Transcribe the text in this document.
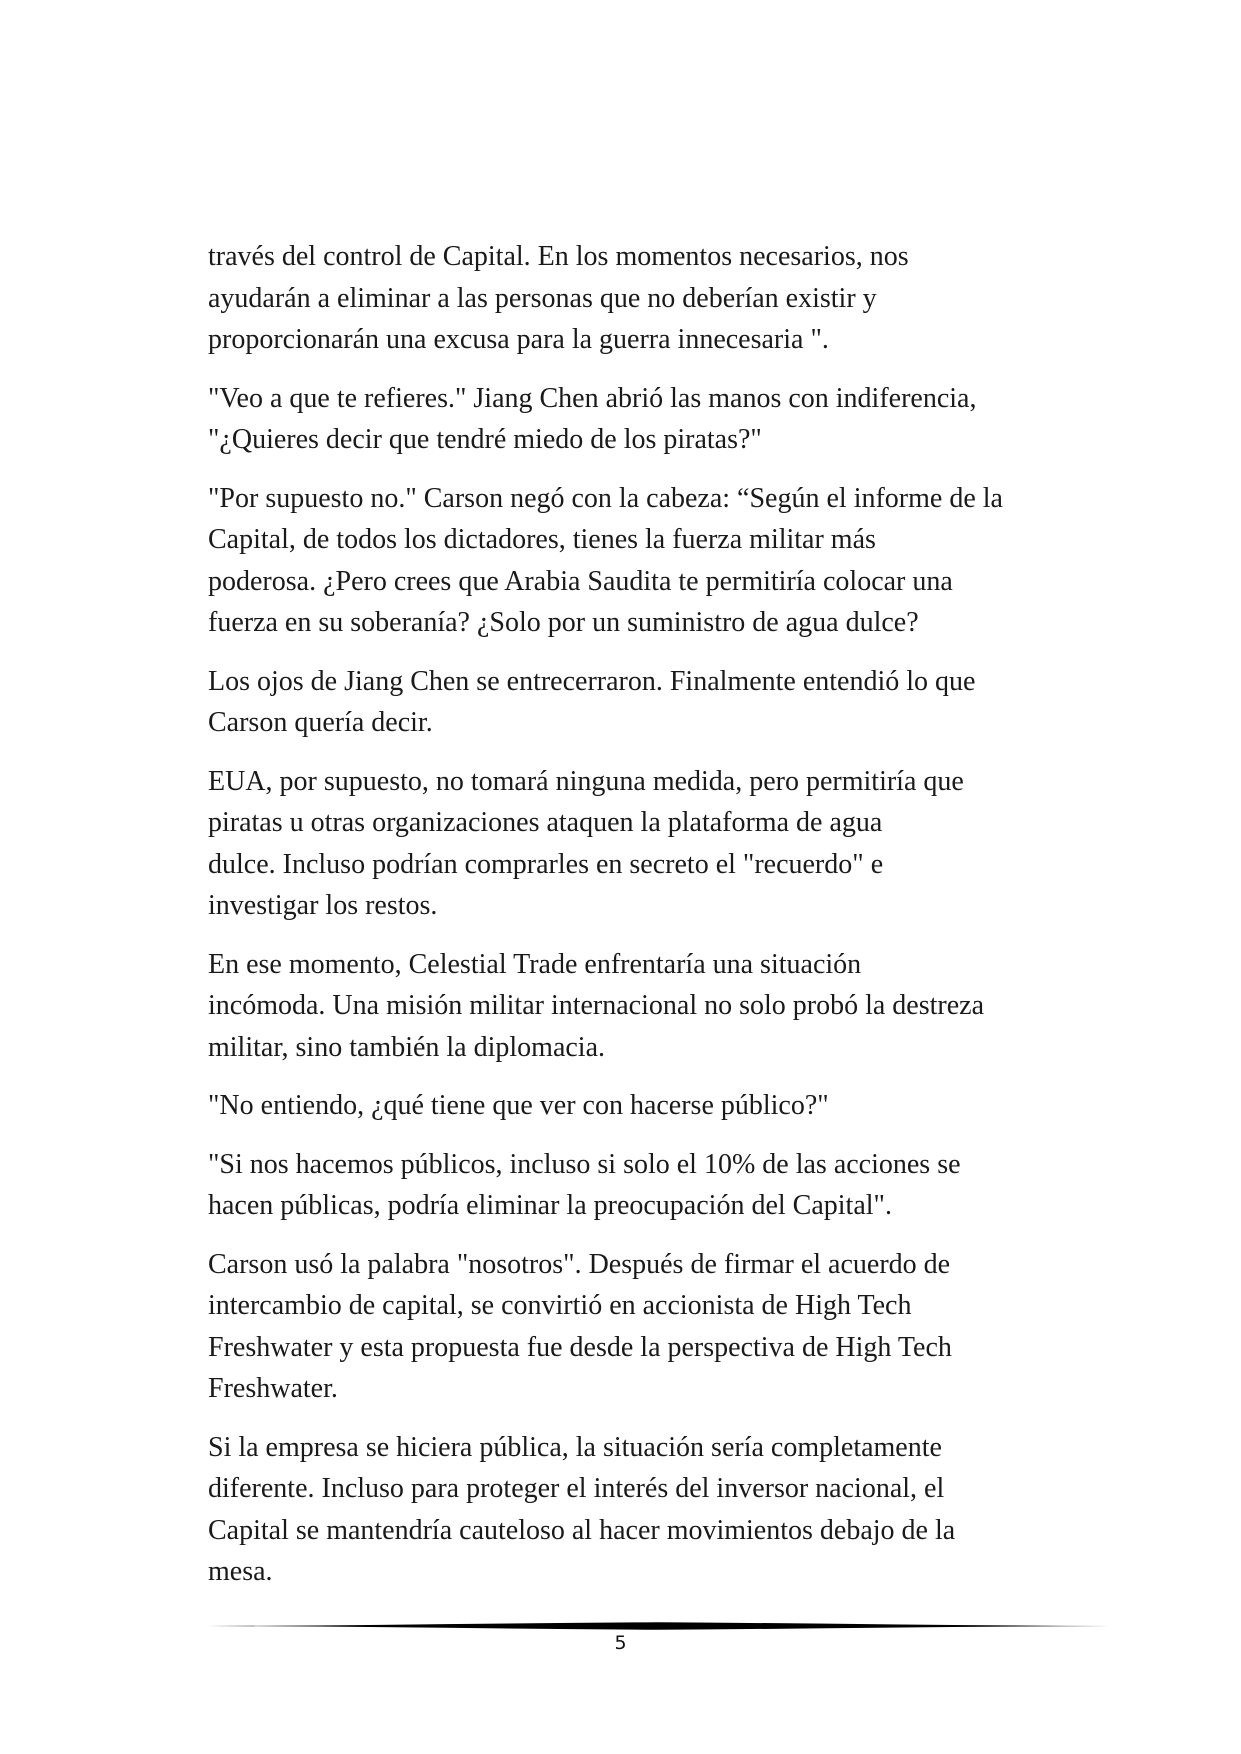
través del control de Capital. En los momentos necesarios, nos
ayudarán a eliminar a las personas que no deberían existir y
proporcionarán una excusa para la guerra innecesaria ".

"Veo a que te refieres." Jiang Chen abrió las manos con indiferencia,
"¿Quieres decir que tendré miedo de los piratas?"

"Por supuesto no." Carson negó con la cabeza: “Según el informe de la
Capital, de todos los dictadores, tienes la fuerza militar más
poderosa. ¿Pero crees que Arabia Saudita te permitiría colocar una
fuerza en su soberanía? ¿Solo por un suministro de agua dulce?

Los ojos de Jiang Chen se entrecerraron. Finalmente entendió lo que
Carson quería decir.

EUA, por supuesto, no tomará ninguna medida, pero permitiría que
piratas u otras organizaciones ataquen la plataforma de agua
dulce. Incluso podrían comprarles en secreto el "recuerdo" e
investigar los restos.

En ese momento, Celestial Trade enfrentaría una situación
incómoda. Una misión militar internacional no solo probó la destreza
militar, sino también la diplomacia.

"No entiendo, ¿qué tiene que ver con hacerse público?"

"Si nos hacemos públicos, incluso si solo el 10% de las acciones se
hacen públicas, podría eliminar la preocupación del Capital".

Carson usó la palabra "nosotros". Después de firmar el acuerdo de
intercambio de capital, se convirtió en accionista de High Tech
Freshwater y esta propuesta fue desde la perspectiva de High Tech
Freshwater.

Si la empresa se hiciera pública, la situación sería completamente
diferente. Incluso para proteger el interés del inversor nacional, el
Capital se mantendría cauteloso al hacer movimientos debajo de la
mesa.

5
